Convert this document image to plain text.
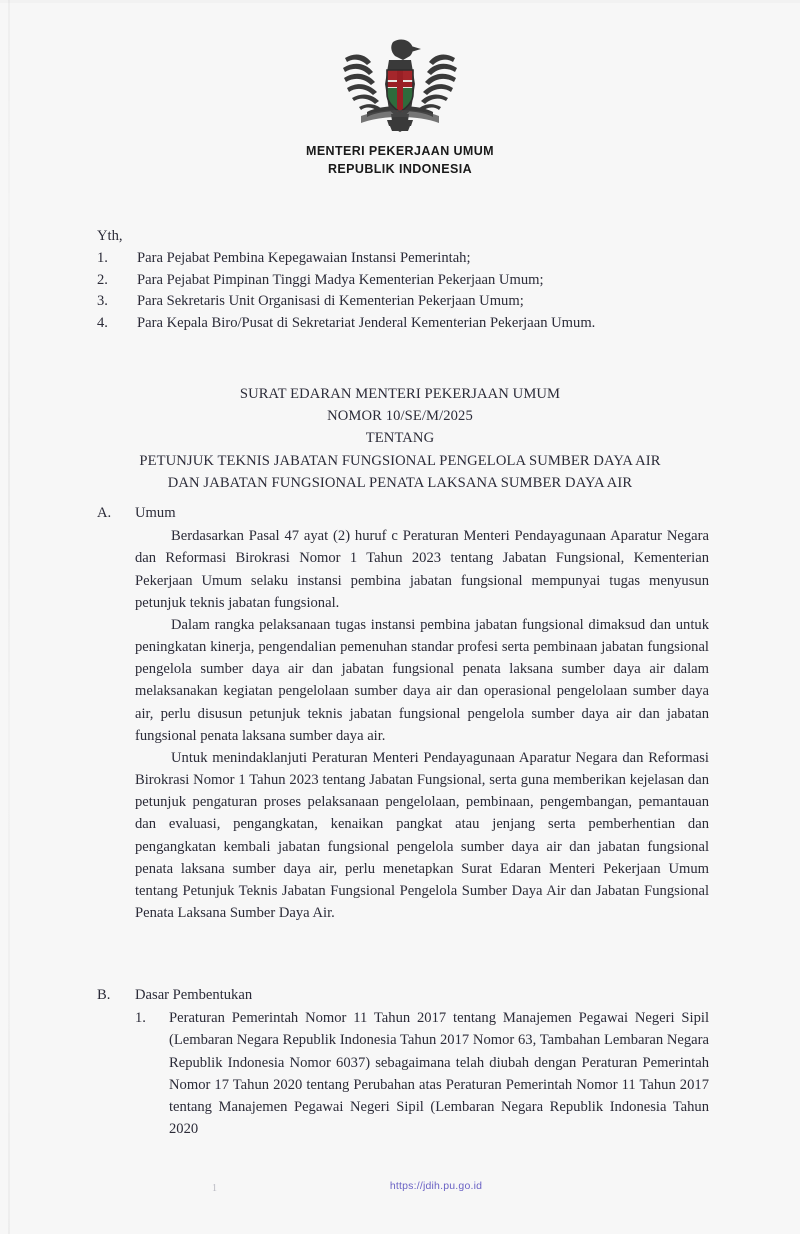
MENTERI PEKERJAAN UMUM
REPUBLIK INDONESIA
Yth,
1.	Para Pejabat Pembina Kepegawaian Instansi Pemerintah;
2.	Para Pejabat Pimpinan Tinggi Madya Kementerian Pekerjaan Umum;
3.	Para Sekretaris Unit Organisasi di Kementerian Pekerjaan Umum;
4.	Para Kepala Biro/Pusat di Sekretariat Jenderal Kementerian Pekerjaan Umum.
SURAT EDARAN MENTERI PEKERJAAN UMUM
NOMOR 10/SE/M/2025
TENTANG
PETUNJUK TEKNIS JABATAN FUNGSIONAL PENGELOLA SUMBER DAYA AIR
DAN JABATAN FUNGSIONAL PENATA LAKSANA SUMBER DAYA AIR
A.	Umum

Berdasarkan Pasal 47 ayat (2) huruf c Peraturan Menteri Pendayagunaan Aparatur Negara dan Reformasi Birokrasi Nomor 1 Tahun 2023 tentang Jabatan Fungsional, Kementerian Pekerjaan Umum selaku instansi pembina jabatan fungsional mempunyai tugas menyusun petunjuk teknis jabatan fungsional.

Dalam rangka pelaksanaan tugas instansi pembina jabatan fungsional dimaksud dan untuk peningkatan kinerja, pengendalian pemenuhan standar profesi serta pembinaan jabatan fungsional pengelola sumber daya air dan jabatan fungsional penata laksana sumber daya air dalam melaksanakan kegiatan pengelolaan sumber daya air dan operasional pengelolaan sumber daya air, perlu disusun petunjuk teknis jabatan fungsional pengelola sumber daya air dan jabatan fungsional penata laksana sumber daya air.

Untuk menindaklanjuti Peraturan Menteri Pendayagunaan Aparatur Negara dan Reformasi Birokrasi Nomor 1 Tahun 2023 tentang Jabatan Fungsional, serta guna memberikan kejelasan dan petunjuk pengaturan proses pelaksanaan pengelolaan, pembinaan, pengembangan, pemantauan dan evaluasi, pengangkatan, kenaikan pangkat atau jenjang serta pemberhentian dan pengangkatan kembali jabatan fungsional pengelola sumber daya air dan jabatan fungsional penata laksana sumber daya air, perlu menetapkan Surat Edaran Menteri Pekerjaan Umum tentang Petunjuk Teknis Jabatan Fungsional Pengelola Sumber Daya Air dan Jabatan Fungsional Penata Laksana Sumber Daya Air.

B.	Dasar Pembentukan
1.	Peraturan Pemerintah Nomor 11 Tahun 2017 tentang Manajemen Pegawai Negeri Sipil (Lembaran Negara Republik Indonesia Tahun 2017 Nomor 63, Tambahan Lembaran Negara Republik Indonesia Nomor 6037) sebagaimana telah diubah dengan Peraturan Pemerintah Nomor 17 Tahun 2020 tentang Perubahan atas Peraturan Pemerintah Nomor 11 Tahun 2017 tentang Manajemen Pegawai Negeri Sipil (Lembaran Negara Republik Indonesia Tahun 2020
1	https://jdih.pu.go.id
